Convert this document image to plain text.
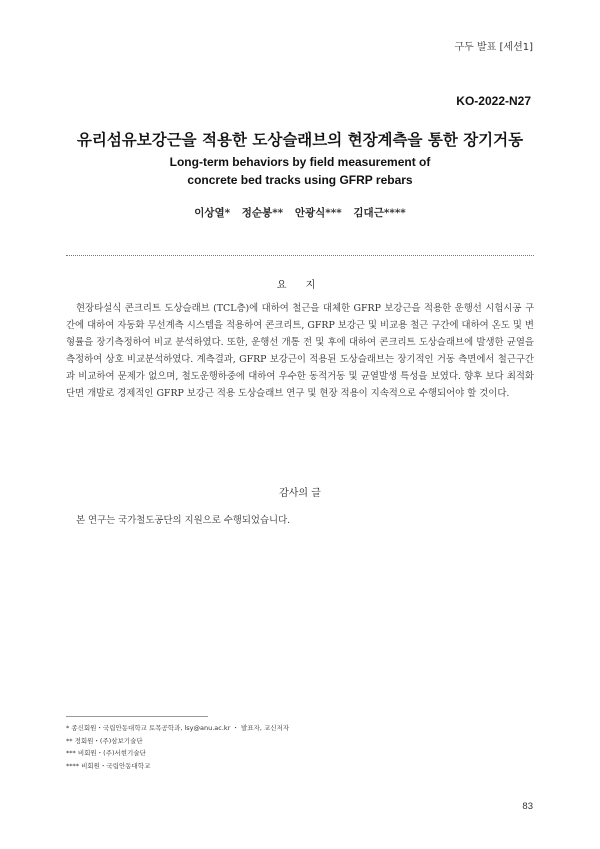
구두 발표 [세션1]
KO-2022-N27
유리섬유보강근을 적용한 도상슬래브의 현장계측을 통한 장기거동
Long-term behaviors by field measurement of
concrete bed tracks using GFRP rebars
이상열* 정순봉** 안광식*** 김대근****
요 지
현장타설식 콘크리트 도상슬래브 (TCL층)에 대하여 철근을 대체한 GFRP 보강근을 적용한 운행선 시험시공 구간에 대하여 자동화 무선계측 시스템을 적용하여 콘크리트, GFRP 보강근 및 비교용 철근 구간에 대하여 온도 및 변형률을 장기측정하여 비교 분석하였다. 또한, 운행선 개통 전 및 후에 대하여 콘크리트 도상슬래브에 발생한 균열을 측정하여 상호 비교분석하였다. 계측결과, GFRP 보강근이 적용된 도상슬래브는 장기적인 거동 측면에서 철근구간과 비교하여 문제가 없으며, 철도운행하중에 대하여 우수한 동적거동 및 균열발생 특성을 보였다. 향후 보다 최적화 단면 개발로 경제적인 GFRP 보강근 적용 도상슬래브 연구 및 현장 적용이 지속적으로 수행되어야 할 것이다.
감사의 글
본 연구는 국가철도공단의 지원으로 수행되었습니다.
* 종신회원・국립안동대학교 토목공학과, lsy@anu.ac.kr ・ 발표자, 교신저자
** 정회원・(주)삼보기술단
*** 비회원・(주)서현기술단
**** 비회원・국립안동대학교
83
